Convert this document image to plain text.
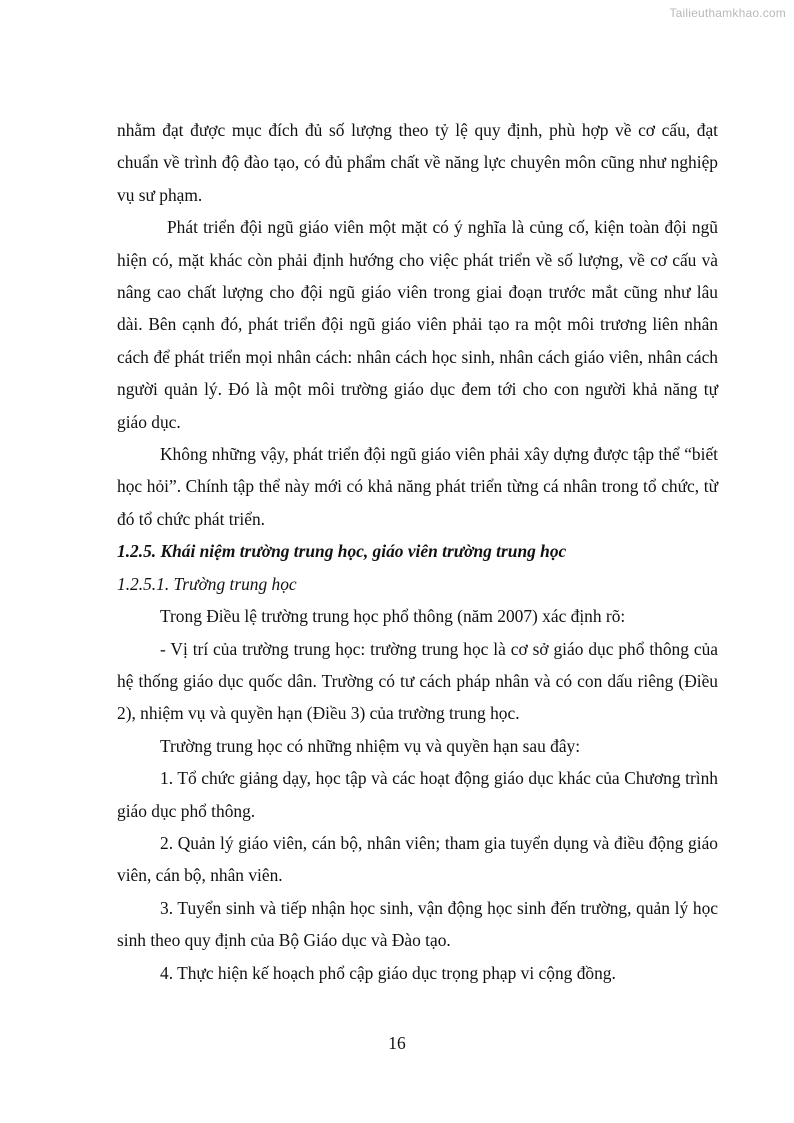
Tailieuthamkhao.com

nhằm đạt được mục đích đủ số lượng theo tỷ lệ quy định, phù hợp về cơ cấu, đạt chuẩn về trình độ đào tạo, có đủ phẩm chất về năng lực chuyên môn cũng như nghiệp vụ sư phạm.

Phát triển đội ngũ giáo viên một mặt có ý nghĩa là củng cố, kiện toàn đội ngũ hiện có, mặt khác còn phải định hướng cho việc phát triển về số lượng, về cơ cấu và nâng cao chất lượng cho đội ngũ giáo viên trong giai đoạn trước mắt cũng như lâu dài. Bên cạnh đó, phát triển đội ngũ giáo viên phải tạo ra một môi trương liên nhân cách để phát triển mọi nhân cách: nhân cách học sinh, nhân cách giáo viên, nhân cách người quản lý. Đó là một môi trường giáo dục đem tới cho con người khả năng tự giáo dục.

Không những vậy, phát triển đội ngũ giáo viên phải xây dựng được tập thể “biết học hỏi”. Chính tập thể này mới có khả năng phát triển từng cá nhân trong tổ chức, từ đó tổ chức phát triển.

1.2.5. Khái niệm trường trung học, giáo viên trường trung học

1.2.5.1. Trường trung học

Trong Điều lệ trường trung học phổ thông (năm 2007) xác định rõ:

- Vị trí của trường trung học: trường trung học là cơ sở giáo dục phổ thông của hệ thống giáo dục quốc dân. Trường có tư cách pháp nhân và có con dấu riêng (Điều 2), nhiệm vụ và quyền hạn (Điều 3) của trường trung học.

Trường trung học có những nhiệm vụ và quyền hạn sau đây:

1. Tổ chức giảng dạy, học tập và các hoạt động giáo dục khác của Chương trình giáo dục phổ thông.

2. Quản lý giáo viên, cán bộ, nhân viên; tham gia tuyển dụng và điều động giáo viên, cán bộ, nhân viên.

3. Tuyển sinh và tiếp nhận học sinh, vận động học sinh đến trường, quản lý học sinh theo quy định của Bộ Giáo dục và Đào tạo.

4. Thực hiện kế hoạch phổ cập giáo dục trọng phạp vi cộng đồng.

16
